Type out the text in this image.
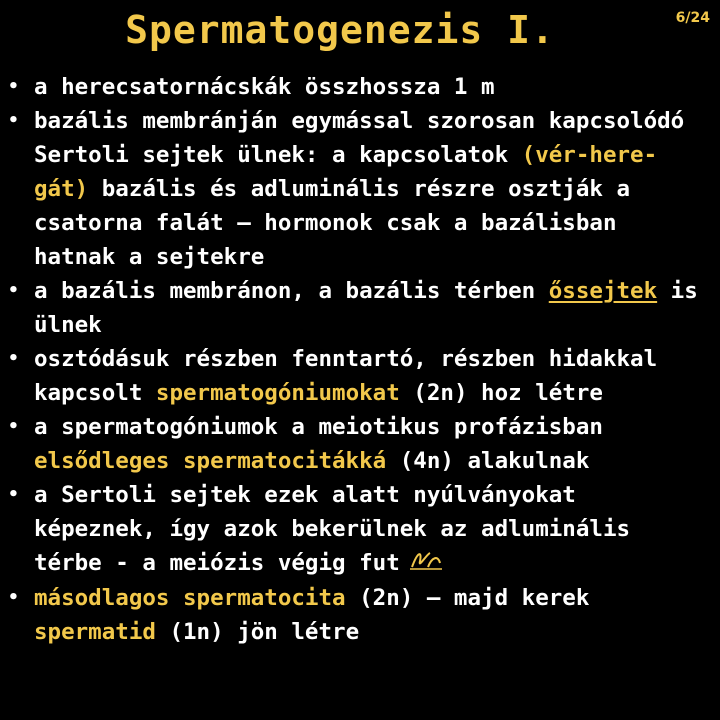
Spermatogenezis I.	6/24
• a herecsatornácskák összhossza 1 m
• bazális membránján egymással szorosan kapcsolódó Sertoli sejtek ülnek: a kapcsolatok (vér-here-gát) bazális és adluminális részre osztják a csatorna falát – hormonok csak a bazálisban hatnak a sejtekre
• a bazális membránon, a bazális térben őssejtek is ülnek
• osztódásuk részben fenntartó, részben hidakkal kapcsolt spermatogóniumokat (2n) hoz létre
• a spermatogóniumok a meiotikus profázisban elsődleges spermatocitákká (4n) alakulnak
• a Sertoli sejtek ezek alatt nyúlványokat képeznek, így azok bekerülnek az adluminális térbe - a meiózis végig fut
• másodlagos spermatocita (2n) – majd kerek spermatid (1n) jön létre
